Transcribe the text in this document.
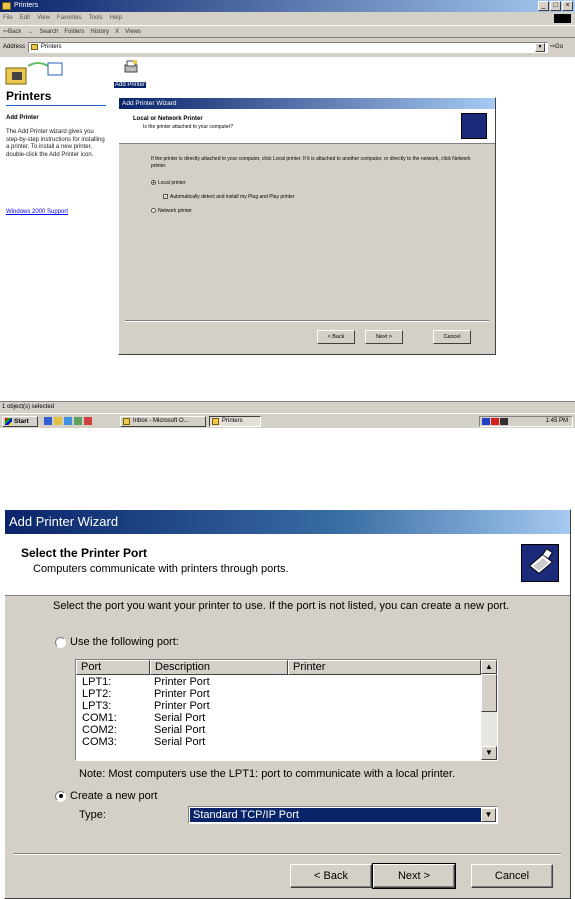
Printers	_	□	×
File Edit View Favorites Tools Help
⇦Back → Search Folders History X Views
Address	Printers	▼	⇨Go
Printers
Add Printer
The Add Printer wizard gives you step-by-step instructions for installing a printer. To install a new printer, double-click the Add Printer icon.
Windows 2000 Support
Add Printer
Add Printer Wizard
Local or Network Printer
Is the printer attached to your computer?
If the printer is directly attached to your computer, click Local printer. If it is attached to another computer, or directly to the network, click Network printer.
Local printer
✓ Automatically detect and install my Plug and Play printer
Network printer
< Back	Next >	Cancel
1 object(s) selected
Start	Inbox - Microsoft O...	Printers	1:45 PM
Add Printer Wizard
Select the Printer Port
Computers communicate with printers through ports.
Select the port you want your printer to use. If the port is not listed, you can create a new port.
Use the following port:
Port	Description	Printer
LPT1:	Printer Port
LPT2:	Printer Port
LPT3:	Printer Port
COM1:	Serial Port
COM2:	Serial Port
COM3:	Serial Port
▲
▼
Note: Most computers use the LPT1: port to communicate with a local printer.
Create a new port
Type:	Standard TCP/IP Port	▼
< Back	Next >	Cancel
